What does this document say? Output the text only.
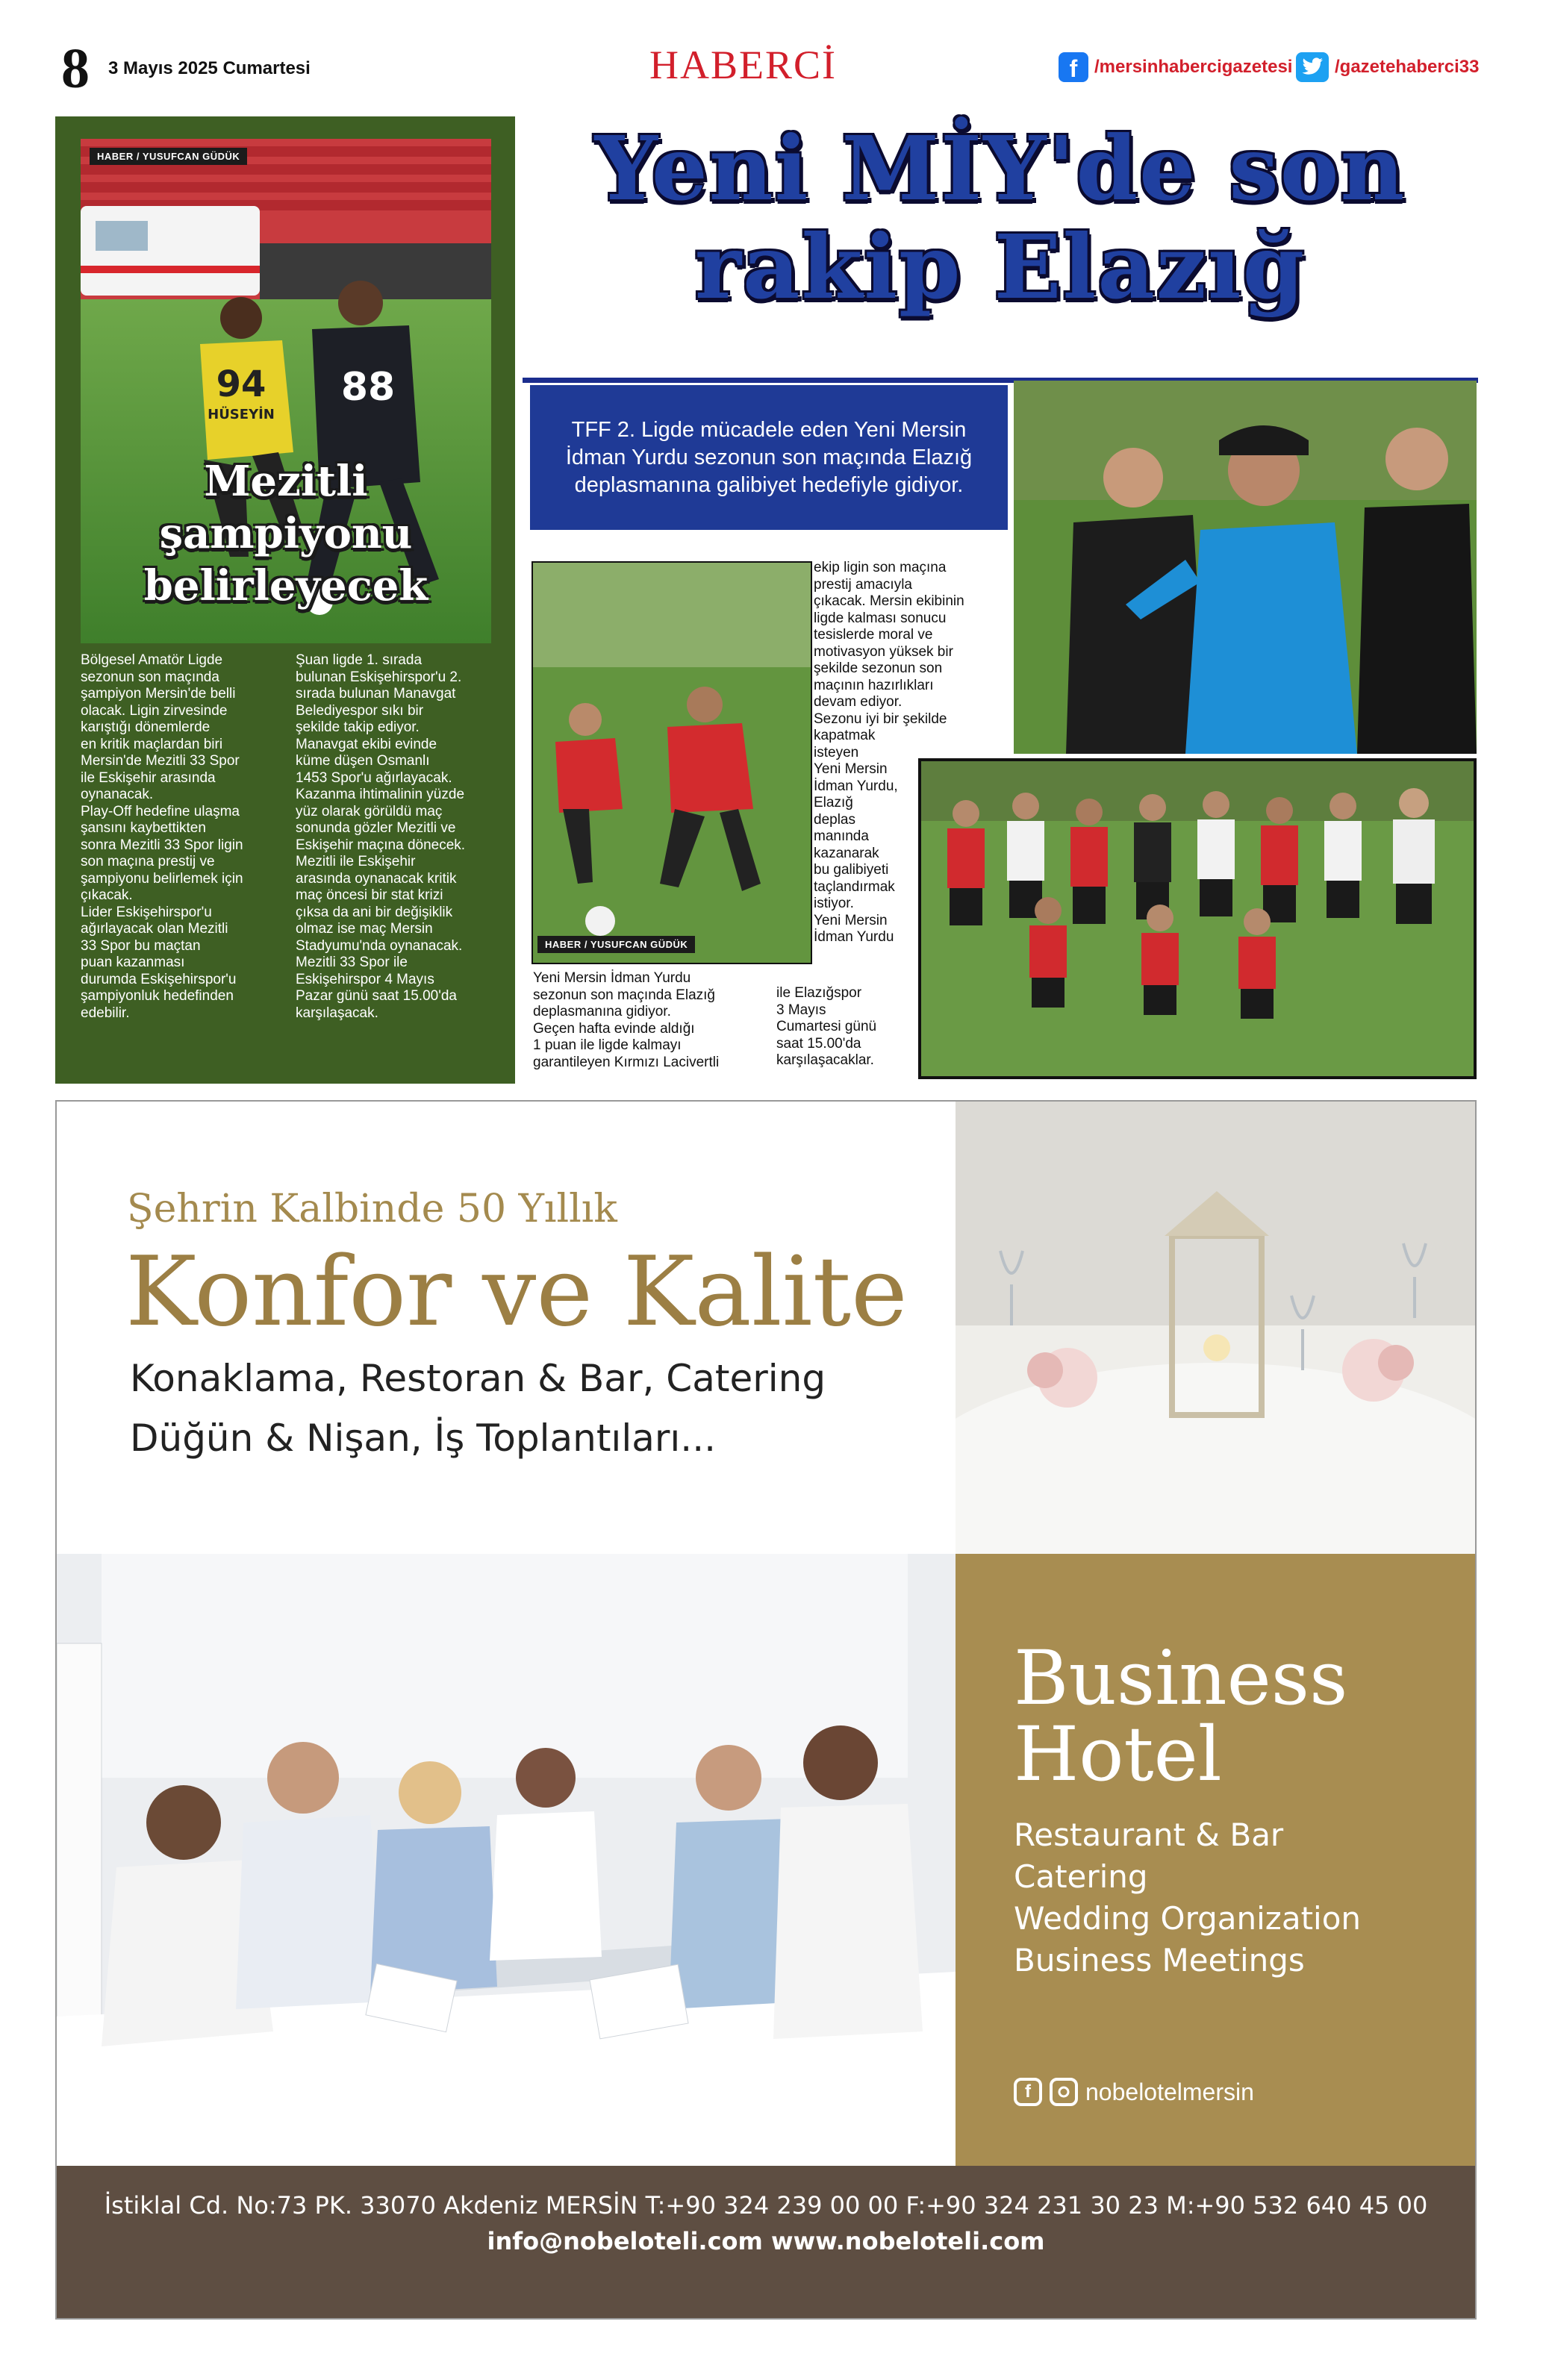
8 3 Mayıs 2025 Cumartesi	HABERCİ	f /mersinhabercigazetesi /gazetehaberci33
94
HÜSEYİN
88
HABER / YUSUFCAN GÜDÜK
Mezitli
şampiyonu
belirleyecek
Bölgesel Amatör Ligde
sezonun son maçında
şampiyon Mersin'de belli
olacak. Ligin zirvesinde
karıştığı dönemlerde
en kritik maçlardan biri
Mersin'de Mezitli 33 Spor
ile Eskişehir arasında
oynanacak.
Play-Off hedefine ulaşma
şansını kaybettikten
sonra Mezitli 33 Spor ligin
son maçına prestij ve
şampiyonu belirlemek için
çıkacak.
Lider Eskişehirspor'u
ağırlayacak olan Mezitli
33 Spor bu maçtan
puan kazanması
durumda Eskişehirspor'u
şampiyonluk hedefinden
edebilir.
Şuan ligde 1. sırada
bulunan Eskişehirspor'u 2.
sırada bulunan Manavgat
Belediyespor sıkı bir
şekilde takip ediyor.
Manavgat ekibi evinde
küme düşen Osmanlı
1453 Spor'u ağırlayacak.
Kazanma ihtimalinin yüzde
yüz olarak görüldü maç
sonunda gözler Mezitli ve
Eskişehir maçına dönecek.
Mezitli ile Eskişehir
arasında oynanacak kritik
maç öncesi bir stat krizi
çıksa da ani bir değişiklik
olmaz ise maç Mersin
Stadyumu'nda oynanacak.
Mezitli 33 Spor ile
Eskişehirspor 4 Mayıs
Pazar günü saat 15.00'da
karşılaşacak.
Yeni MİY'de son
rakip Elazığ
TFF 2. Ligde mücadele eden Yeni Mersin İdman Yurdu sezonun son maçında Elazığ deplasmanına galibiyet hedefiyle gidiyor.
HABER / YUSUFCAN GÜDÜK
Yeni Mersin İdman Yurdu
sezonun son maçında Elazığ
deplasmanına gidiyor.
Geçen hafta evinde aldığı
1 puan ile ligde kalmayı
garantileyen Kırmızı Lacivertli
ekip ligin son maçına
prestij amacıyla
çıkacak. Mersin ekibinin
ligde kalması sonucu
tesislerde moral ve
motivasyon yüksek bir
şekilde sezonun son
maçının hazırlıkları
devam ediyor.
Sezonu iyi bir şekilde
kapatmak
isteyen
Yeni Mersin
İdman Yurdu,
Elazığ
deplas
manında
kazanarak
bu galibiyeti
taçlandırmak
istiyor.
Yeni Mersin
İdman Yurdu
ile Elazığspor
3 Mayıs
Cumartesi günü
saat 15.00'da
karşılaşacaklar.
Şehrin Kalbinde 50 Yıllık
Konfor ve Kalite
Konaklama, Restoran & Bar, Catering
Düğün & Nişan, İş Toplantıları...
Business
Hotel
Restaurant & Bar
Catering
Wedding Organization
Business Meetings
f	nobelotelmersin
İstiklal Cd. No:73 PK. 33070 Akdeniz MERSİN T:+90 324 239 00 00 F:+90 324 231 30 23 M:+90 532 640 45 00
info@nobeloteli.com www.nobeloteli.com
